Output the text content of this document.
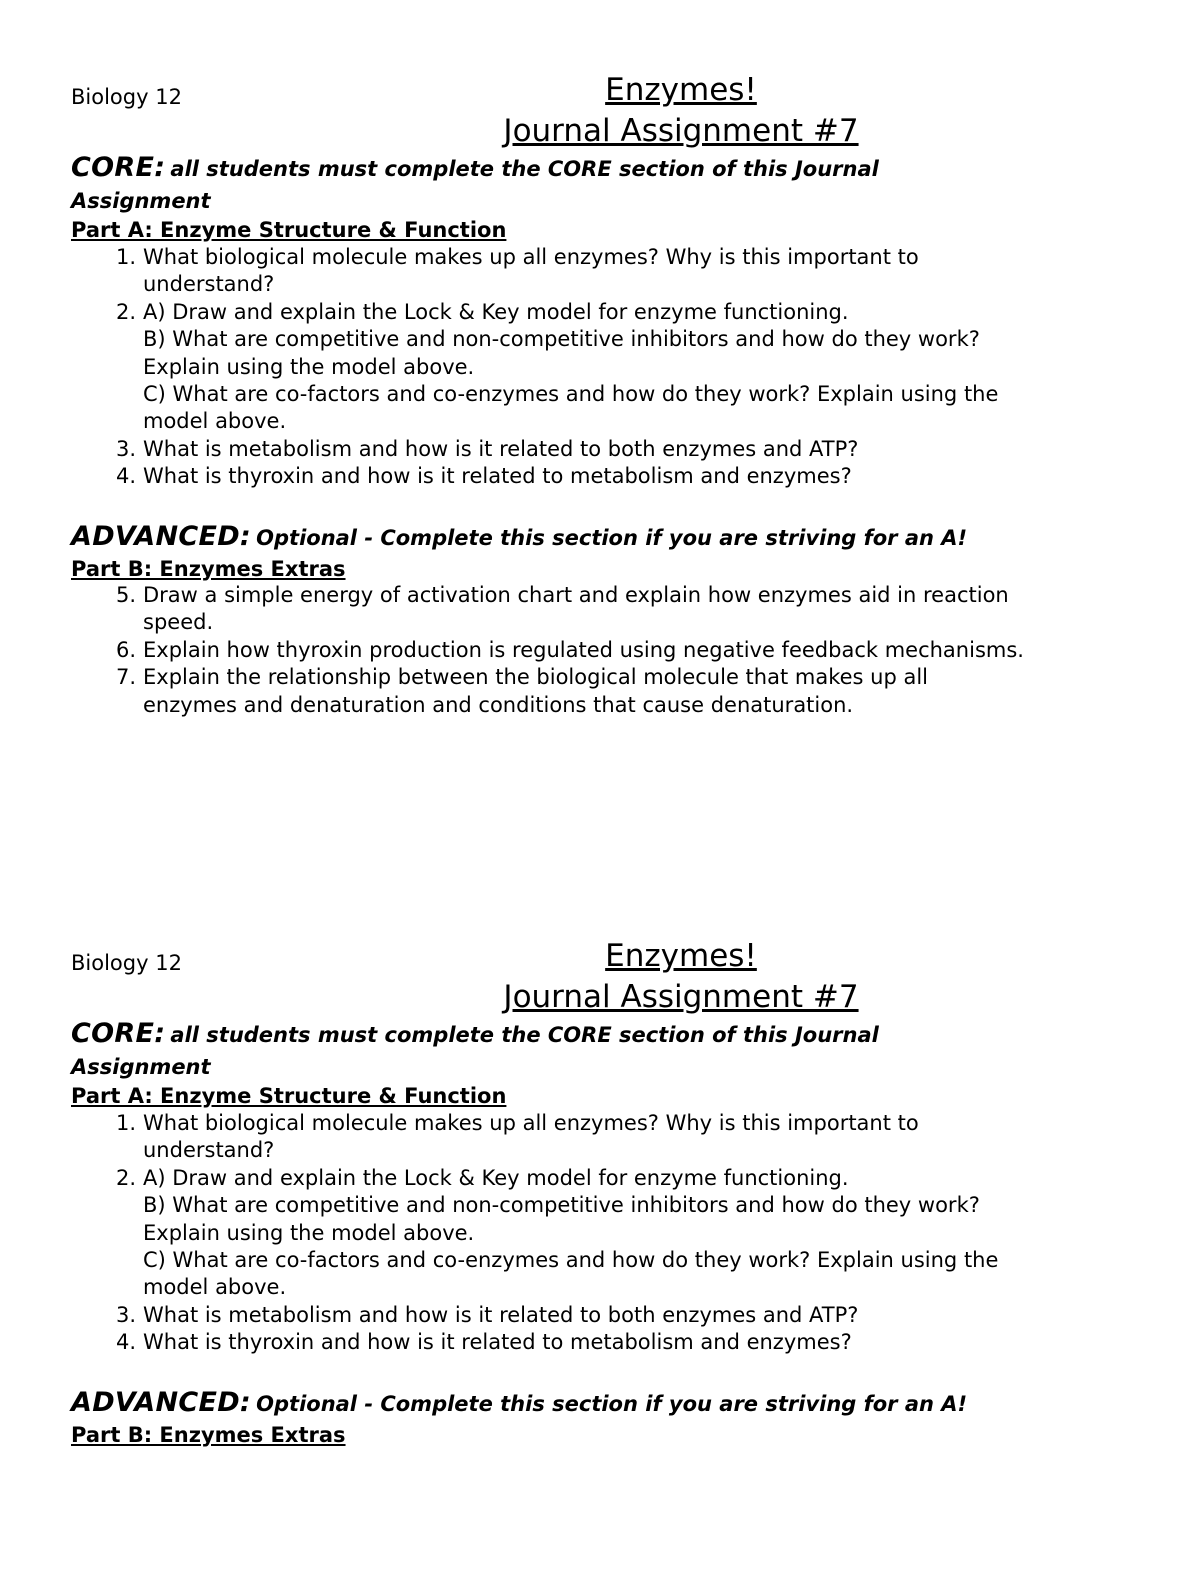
Biology 12	Enzymes!
Journal Assignment #7
CORE: all students must complete the CORE section of this Journal
Assignment
Part A: Enzyme Structure & Function
1. What biological molecule makes up all enzymes? Why is this important to
understand?
2. A) Draw and explain the Lock & Key model for enzyme functioning.
B) What are competitive and non-competitive inhibitors and how do they work?
Explain using the model above.
C) What are co-factors and co-enzymes and how do they work? Explain using the
model above.
3. What is metabolism and how is it related to both enzymes and ATP?
4. What is thyroxin and how is it related to metabolism and enzymes?
ADVANCED: Optional - Complete this section if you are striving for an A!
Part B: Enzymes Extras
5. Draw a simple energy of activation chart and explain how enzymes aid in reaction
speed.
6. Explain how thyroxin production is regulated using negative feedback mechanisms.
7. Explain the relationship between the biological molecule that makes up all
enzymes and denaturation and conditions that cause denaturation.
Biology 12	Enzymes!
Journal Assignment #7
CORE: all students must complete the CORE section of this Journal
Assignment
Part A: Enzyme Structure & Function
1. What biological molecule makes up all enzymes? Why is this important to
understand?
2. A) Draw and explain the Lock & Key model for enzyme functioning.
B) What are competitive and non-competitive inhibitors and how do they work?
Explain using the model above.
C) What are co-factors and co-enzymes and how do they work? Explain using the
model above.
3. What is metabolism and how is it related to both enzymes and ATP?
4. What is thyroxin and how is it related to metabolism and enzymes?
ADVANCED: Optional - Complete this section if you are striving for an A!
Part B: Enzymes Extras
